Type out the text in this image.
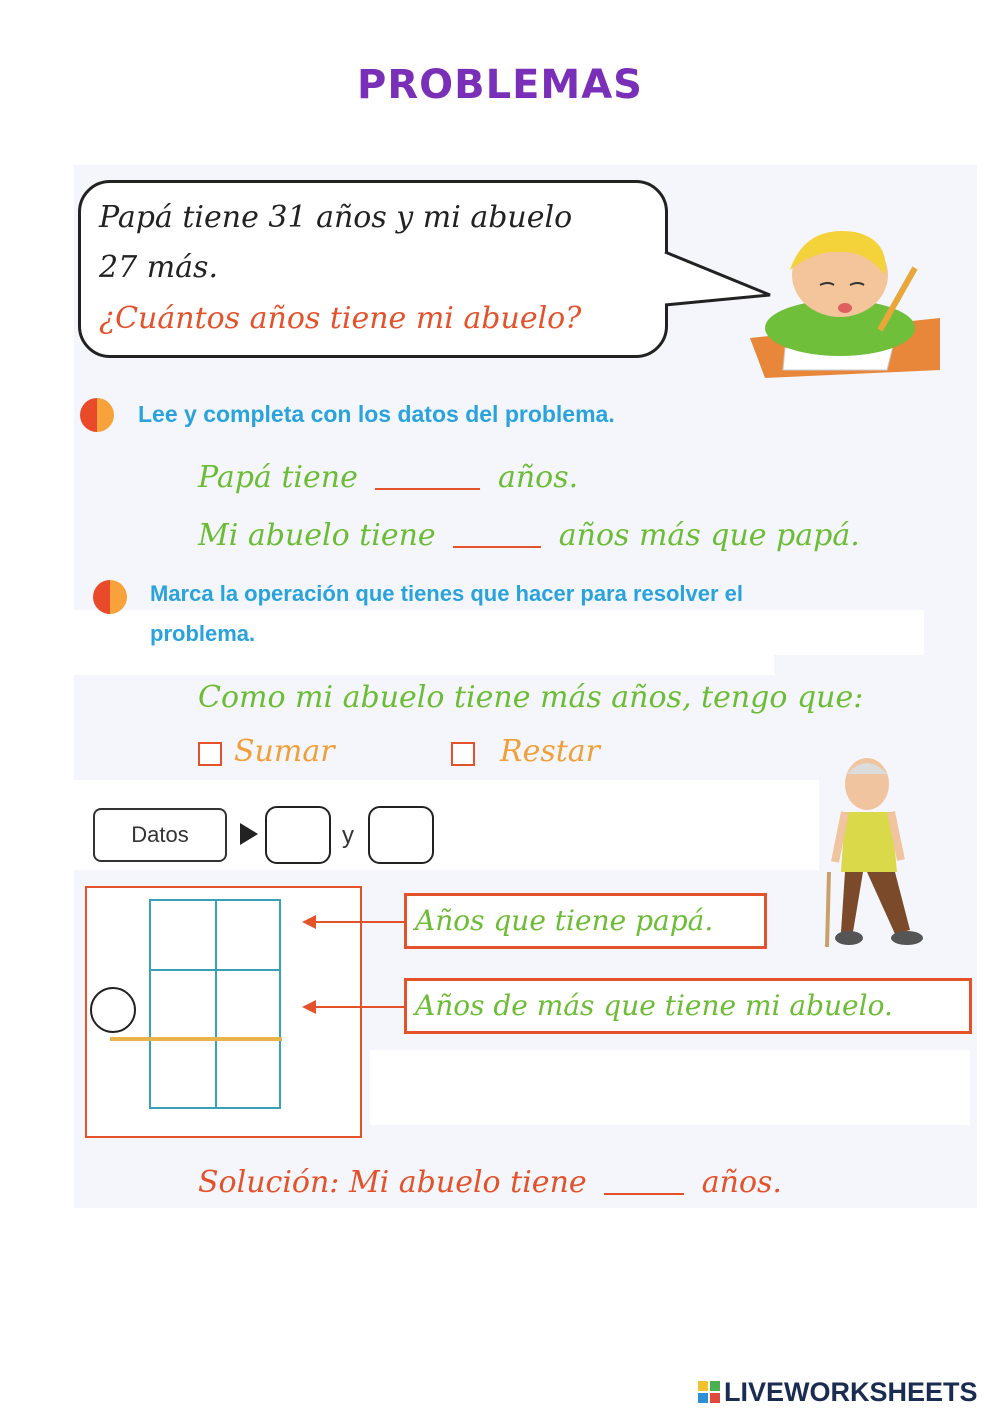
PROBLEMAS

Papá tiene 31 años y mi abuelo
27 más.
¿Cuántos años tiene mi abuelo?
Lee y completa con los datos del problema.
Papá tiene	años.
Mi abuelo tiene	años más que papá.
Marca la operación que tienes que hacer para resolver el
problema.
Como mi abuelo tiene más años, tengo que:
Sumar	Restar
Datos	y
Años que tiene papá.
Años de más que tiene mi abuelo.
Solución: Mi abuelo tiene	años.
LIVEWORKSHEETS
